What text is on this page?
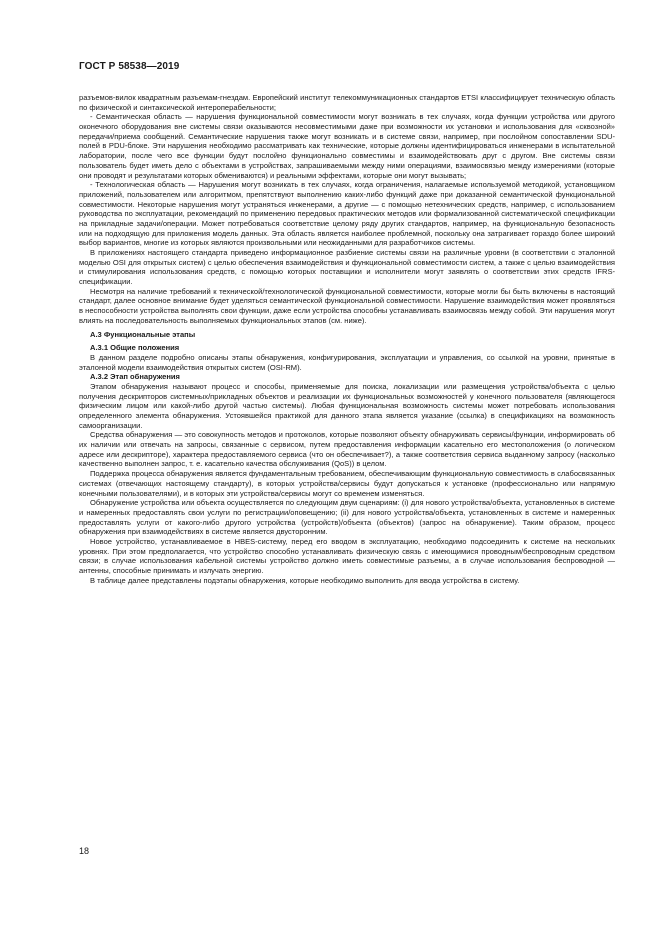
ГОСТ Р 58538—2019

разъемов-вилок квадратным разъемам-гнездам. Европейский институт телекоммуникационных стандартов ETSI классифицирует техническую область по физической и синтаксической интероперабельности;

- Семантическая область — нарушения функциональной совместимости могут возникать в тех случаях, когда функции устройства или другого оконечного оборудования вне системы связи оказываются несовместимыми даже при возможности их установки и использования для «сквозной» передачи/приема сообщений. Семантические нарушения также могут возникать и в системе связи, например, при послойном сопоставлении SDU-полей в PDU-блоке. Эти нарушения необходимо рассматривать как технические, которые должны идентифицироваться инженерами в испытательной лаборатории, после чего все функции будут послойно функционально совместимы и взаимодействовать друг с другом. Вне системы связи пользователь будет иметь дело с объектами в устройствах, запрашиваемыми между ними операциями, взаимосвязью между измерениями (которые они проводят и результатами которых обмениваются) и реальными эффектами, которые они могут вызывать;

- Технологическая область — Нарушения могут возникать в тех случаях, когда ограничения, налагаемые используемой методикой, установщиком приложений, пользователем или алгоритмом, препятствуют выполнению каких-либо функций даже при доказанной семантической функциональной совместимости. Некоторые нарушения могут устраняться инженерами, а другие — с помощью нетехнических средств, например, с использованием руководства по эксплуатации, рекомендаций по применению передовых практических методов или формализованной систематической спецификации на прикладные задачи/операции. Может потребоваться соответствие целому ряду других стандартов, например, на функциональную безопасность или на подходящую для приложения модель данных. Эта область является наиболее проблемной, поскольку она затрагивает гораздо более широкий выбор вариантов, многие из которых являются произвольными или неожиданными для разработчиков системы.

В приложениях настоящего стандарта приведено информационное разбиение системы связи на различные уровни (в соответствии с эталонной моделью OSI для открытых систем) с целью обеспечения взаимодействия и функциональной совместимости систем, а также с целью взаимодействия и стимулирования использования средств, с помощью которых поставщики и исполнители могут заявлять о соответствии этих средств IFRS-спецификации.

Несмотря на наличие требований к технической/технологической функциональной совместимости, которые могли бы быть включены в настоящий стандарт, далее основное внимание будет уделяться семантической функциональной совместимости. Нарушение взаимодействия может проявляться в неспособности устройства выполнять свои функции, даже если устройства способны устанавливать взаимосвязь между собой. Эти нарушения могут влиять на последовательность выполняемых функциональных этапов (см. ниже).

А.3 Функциональные этапы
А.3.1 Общие положения

В данном разделе подробно описаны этапы обнаружения, конфигурирования, эксплуатации и управления, со ссылкой на уровни, принятые в эталонной модели взаимодействия открытых систем (OSI-RM).

А.3.2 Этап обнаружения

Этапом обнаружения называют процесс и способы, применяемые для поиска, локализации или размещения устройства/объекта с целью получения дескрипторов системных/прикладных объектов и реализации их функциональных возможностей у конечного пользователя (являющегося физическим лицом или какой-либо другой частью системы). Любая функциональная возможность системы может потребовать использования определенного элемента обнаружения. Устоявшейся практикой для данного этапа является указание (ссылка) в спецификациях на возможность самоорганизации.

Средства обнаружения — это совокупность методов и протоколов, которые позволяют объекту обнаруживать сервисы/функции, информировать об их наличии или отвечать на запросы, связанные с сервисом, путем предоставления информации касательно его местоположения (о логическом адресе или дескрипторе), характера предоставляемого сервиса (что он обеспечивает?), а также соответствия сервиса выданному запросу (насколько качественно выполнен запрос, т. е. касательно качества обслуживания (QoS)) в целом.

Поддержка процесса обнаружения является фундаментальным требованием, обеспечивающим функциональную совместимость в слабосвязанных системах (отвечающих настоящему стандарту), в которых устройства/сервисы будут допускаться к установке (профессионально или напрямую конечными пользователями), и в которых эти устройства/сервисы могут со временем изменяться.

Обнаружение устройства или объекта осуществляется по следующим двум сценариям: (i) для нового устройства/объекта, установленных в системе и намеренных предоставлять свои услуги по регистрации/оповещению; (ii) для нового устройства/объекта, установленных в системе и намеренных предоставлять услуги от какого-либо другого устройства (устройств)/объекта (объектов) (запрос на обнаружение). Таким образом, процесс обнаружения при взаимодействиях в системе является двусторонним.

Новое устройство, устанавливаемое в HBES-систему, перед его вводом в эксплуатацию, необходимо подсоединить к системе на нескольких уровнях. При этом предполагается, что устройство способно устанавливать физическую связь с имеющимися проводным/беспроводным средством связи; в случае использования кабельной системы устройство должно иметь совместимые разъемы, а в случае использования беспроводной — антенны, способные принимать и излучать энергию.

В таблице далее представлены подэтапы обнаружения, которые необходимо выполнить для ввода устройства в систему.

18
